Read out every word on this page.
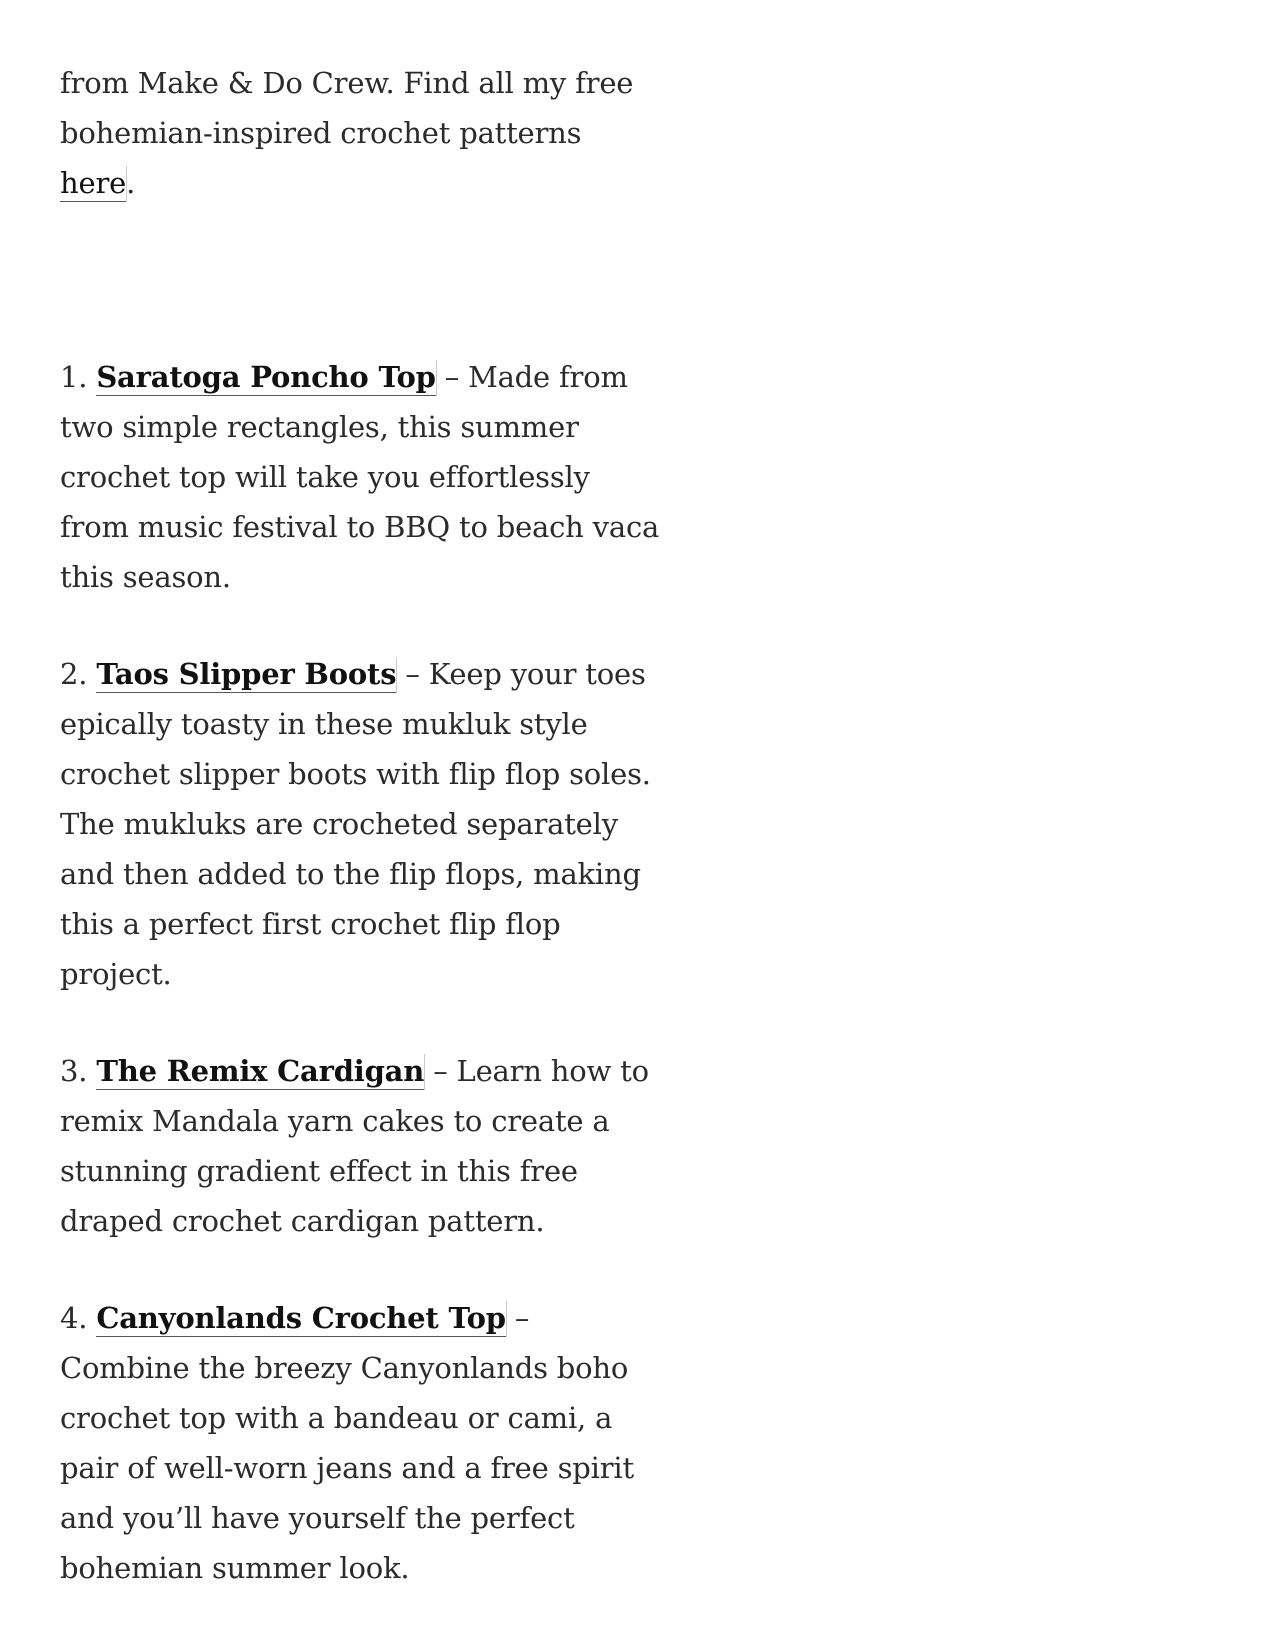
from Make & Do Crew. Find all my free bohemian-inspired crochet patterns here.

1. Saratoga Poncho Top – Made from two simple rectangles, this summer crochet top will take you effortlessly from music festival to BBQ to beach vaca this season.

2. Taos Slipper Boots – Keep your toes epically toasty in these mukluk style crochet slipper boots with flip flop soles. The mukluks are crocheted separately and then added to the flip flops, making this a perfect first crochet flip flop project.

3. The Remix Cardigan – Learn how to remix Mandala yarn cakes to create a stunning gradient effect in this free draped crochet cardigan pattern.

4. Canyonlands Crochet Top –
Combine the breezy Canyonlands boho crochet top with a bandeau or cami, a pair of well-worn jeans and a free spirit and you’ll have yourself the perfect bohemian summer look.
